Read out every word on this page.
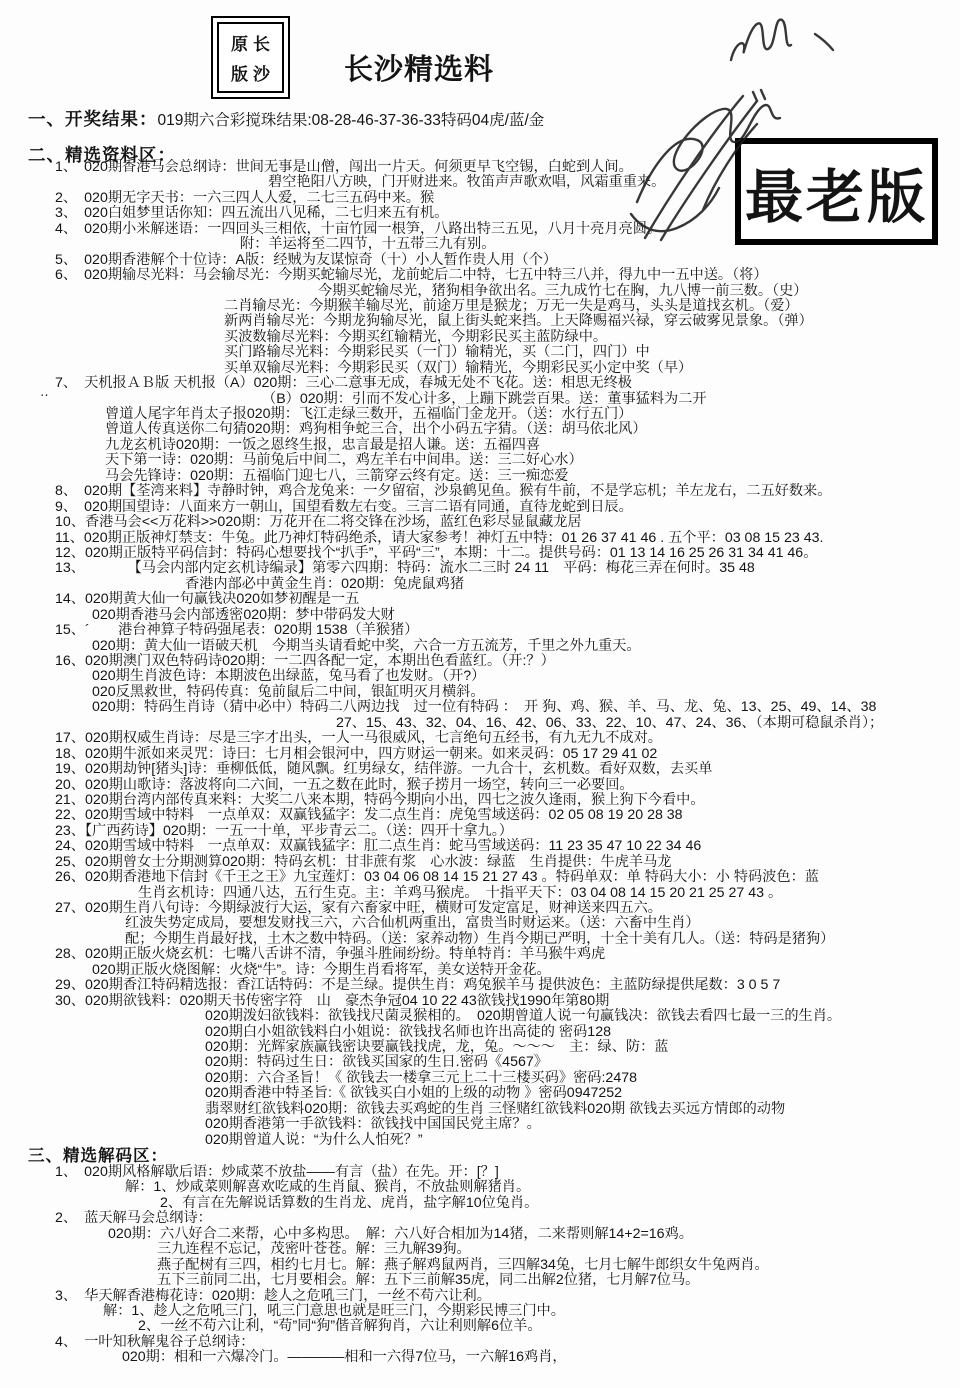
原长
版沙 长沙精选料
最老版
一、开奖结果：019期六合彩搅珠结果:08-28-46-37-36-33特码04虎/蓝/金
二、精选资料区：
1、　020期香港马会总纲诗：世间无事是山僧，闯出一片天。何须更早飞空锡，白蛇到人间。
碧空艳阳八方映，门开财进来。牧笛声声歌欢唱，风霜重重来。
2、　020期无字天书：一六三四人人爱，二七三五码中来。猴
3、　020白姐梦里话你知：四五流出八见稀，二七归来五有机。
4、　020期小米解迷语：一四回头三相依，十亩竹园一根笋，八路出特三五见，八月十亮月亮圆。
附：羊运将至二四节，十五带三九有别。
5、　020期香港解个十位诗：A版：经贼为友谋惊奇（十）小人暂作贵人用（个）
6、　020期输尽光料：马会输尽光：今期买蛇输尽光，龙前蛇后二中特，七五中特三八并，得九中一五中送。（将）
今期买蛇输尽光，猪狗相争欲出名。三九成竹七在胸，九八博一前三数。（史）
二肖输尽光：今期猴羊输尽光，前途万里是猴龙；万无一失是鸡马，头头是道找玄机。（爱）
新两肖输尽光：今期龙狗输尽光，鼠上街头蛇来挡。上天降赐福兴禄，穿云破雾见景象。（弹）
买波数输尽光料：今期买红输精光，今期彩民买主蓝防绿中。
买门路输尽光料：今期彩民买（一门）输精光，买（二门，四门）中
买单双输尽光料：今期彩民买（双门）输精光，今期彩民买小定中奖（早）
7、　天机报ＡＢ版 天机报（A）020期：三心二意事无成，春城无处不飞花。送：相思无终极
（B）020期：引而不发心计多，上蹦下跳尝百果。送：董事猛料为二开
曾道人尾字年肖太子报020期：飞江走绿三数开，五福临门金龙开。（送：水行五门）
曾道人传真送你二句猜020期：鸡狗相争蛇三合，出个小码五字猜。（送：胡马依北风）
九龙玄机诗020期：一饭之恩终生报，忠言最是招人谦。送：五福四喜
天下第一诗：020期：马前兔后中间二，鸡左羊右中间串。送：三二好心水）
马会先锋诗：020期：五福临门迎七八，三箭穿云终有定。送：三一痴恋爱
8、　020期【荃湾来料】寺静时钟，鸡合龙兔来：一夕留宿，沙泉鹤见鱼。猴有牛前，不是学忘机；羊左龙右，二五好数来。
9、　020期国望诗：八面来方一朝山，国望看数左右变。三言二语有同通，直待龙蛇到日辰。
10、香港马会<<万花料>>020期：万花开在二将交锋在沙场，蓝红色彩尽显鼠藏龙居
11、020期正版神灯禁支：牛兔。此乃神灯特码绝杀，请大家参考！神灯五中特：01 26 37 41 46 . 五个平：03 08 15 23 43.
12、020期正版特平码信封：特码心想要找个“扒手”，平码“三”，本期：十二。提供号码：01 13 14 16 25 26 31 34 41 46。
13、　　　　【马会内部内定玄机诗编录】第零六四期：特码：流水二三时 24 11　平码：梅花三弄在何时。35 48
香港内部必中黄金生肖：020期：兔虎鼠鸡猪
14、020期黄大仙一句赢钱决020如梦初醒是一五
020期香港马会内部透密020期：梦中带码发大财
15、´　　港台神算子特码强尾表：020期 1538（羊猴猪）
020期：黄大仙一语破天机　今期当头请看蛇中奖，六合一方五流芳，千里之外九重天。
16、020期澳门双色特码诗020期：一二四各配一定，本期出色看蓝红。（开:？）
020期生肖波色诗：本期波色出绿蓝，兔马看了也发财。（开?）
020反黑救世，特码传真：兔前鼠后二中间，银缸明灭月横斜。
020期：特码生肖诗（猜中必中）特码二八两边找　过一位有特码 ：　开 狗、鸡、猴、羊、马、龙、兔、13、25、49、14、38
27、15、43、32、04、16、42、06、33、22、10、47、24、36、（本期可稳鼠杀肖）；
17、020期权威生肖诗：尽是三字才出头，一人一马很威风，七言绝句五经书，有九无九不成对。
18、020期牛派如来灵咒：诗曰：七月相会银河中，四方财运一朝来。如来灵码：05 17 29 41 02
19、020期劫钟[猪头]诗：垂柳低低，随风飘。红男绿女，结伴游。一九合十，玄机数。看好双数，去买单
20、020期山歌诗：落波将向二六间，一五之数在此时，猴子捞月一场空，转向三一必要回。
21、020期台湾内部传真来料：大奖二八来本期，特码今期向小出，四七之波久逢雨，猴上狗下今看中。
22、020期雪域中特料　一点单双：双赢钱猛字：发二点生肖：虎兔雪域送码：02 05 08 19 20 28 38
23、【广西药诗】020期：一五一十单，平步青云二。（送：四开十拿九。）
24、020期雪域中特料　一点单双：双赢钱猛字：肛二点生肖：蛇马雪域送码：11 23 35 47 10 22 34 46
25、020期曾女士分期测算020期：特码玄机：甘非蔗有浆　心水波：绿蓝　生肖提供：牛虎羊马龙
26、020期香港地下信封《千王之王》九宝莲灯：03 04 06 08 14 15 21 27 43 。特码单双：单 特码大小：小 特码波色：蓝
生肖玄机诗：四通八达，五行生克。主：羊鸡马猴虎。　十指平天下：03 04 08 14 15 20 21 25 27 43 。
27、020期生肖八句诗：今期绿波行大运，家有六畜家中旺，横财可发定富足，财神送来四五六。
红波失势定成局，要想发财找三六，六合仙机两重出，富贵当时财运来。（送：六畜中生肖）
配；今期生肖最好找，土木之数中特码。（送：家养动物）生肖今期已严明，十全十美有几人。（送：特码是猪狗）
28、020期正版火烧玄机：七嘴八舌讲不清，争强斗胜闹纷纷。特单特肖：羊马猴牛鸡虎
020期正版火烧图解：火烧“牛”。诗：今期生肖看将军，美女送特开金花。
29、020期香江特码精选报：香江话特码：不是兰绿。提供生肖：鸡兔猴羊马 提供波色：主蓝防绿提供尾数：3 0 5 7
30、020期欲钱料：020期天书传密字符　山　豪杰争冠04 10 22 43欲钱找1990年第80期
020期泼妇欲钱料：欲钱找尺菌灵猴相的。　020期曾道人说一句赢钱决：欲钱去看四七最一三的生肖。
020期白小姐欲钱料白小姐说：欲钱找名师也许出高徒的 密码128
020期：光辉家族赢钱密诀要赢钱找虎，龙，兔。～～～　主：绿、防：蓝
020期：特码过生日：欲钱买国家的生日.密码《4567》
020期：六合圣旨！《 欲钱去一楼拿三元上二十三楼买码》密码:2478
020期香港中特圣旨:《 欲钱买白小姐的上级的动物 》密码0947252
翡翠财红欲钱料020期：欲钱去买鸡蛇的生肖 三怪赌红欲钱料020期 欲钱去买远方情郎的动物
020期香港第一手欲钱料：欲钱找中国国民党主席？。
020期曾道人说：“为什么人怕死？”
三、精选解码区：
1、　020期风格解歇后语：炒咸菜不放盐——有言（盐）在先。开：[？]
解：1、炒咸菜则解喜欢吃咸的生肖鼠、猴肖，不放盐则解猪肖。
2、有言在先解说话算数的生肖龙、虎肖，盐字解10位兔肖。
2、　蓝天解马会总纲诗：
020期：六八好合二来帮，心中多构思。　解：六八好合相加为14猪，二来帮则解14+2=16鸡。
三九连程不忘记，茂密叶苍苍。解：三九解39狗。
燕子配树有三四，相约七月七。解：燕子解鸡鼠两肖，三四解34兔，七月七解牛郎织女牛兔两肖。
五下三前同二出，七月要相会。解：五下三前解35虎，同二出解2位猪，七月解7位马。
3、　华天解香港梅花诗：020期：趁人之危吼三门，一丝不苟六让利。
解：1、趁人之危吼三门，吼三门意思也就是旺三门，今期彩民博三门中。
2、一丝不苟六让利，“苟”同“狗”偕音解狗肖，六让利则解6位羊。
4、　一叶知秋解鬼谷子总纲诗：
020期：相和一六爆冷门。————相和一六得7位马，一六解16鸡肖，
‥
